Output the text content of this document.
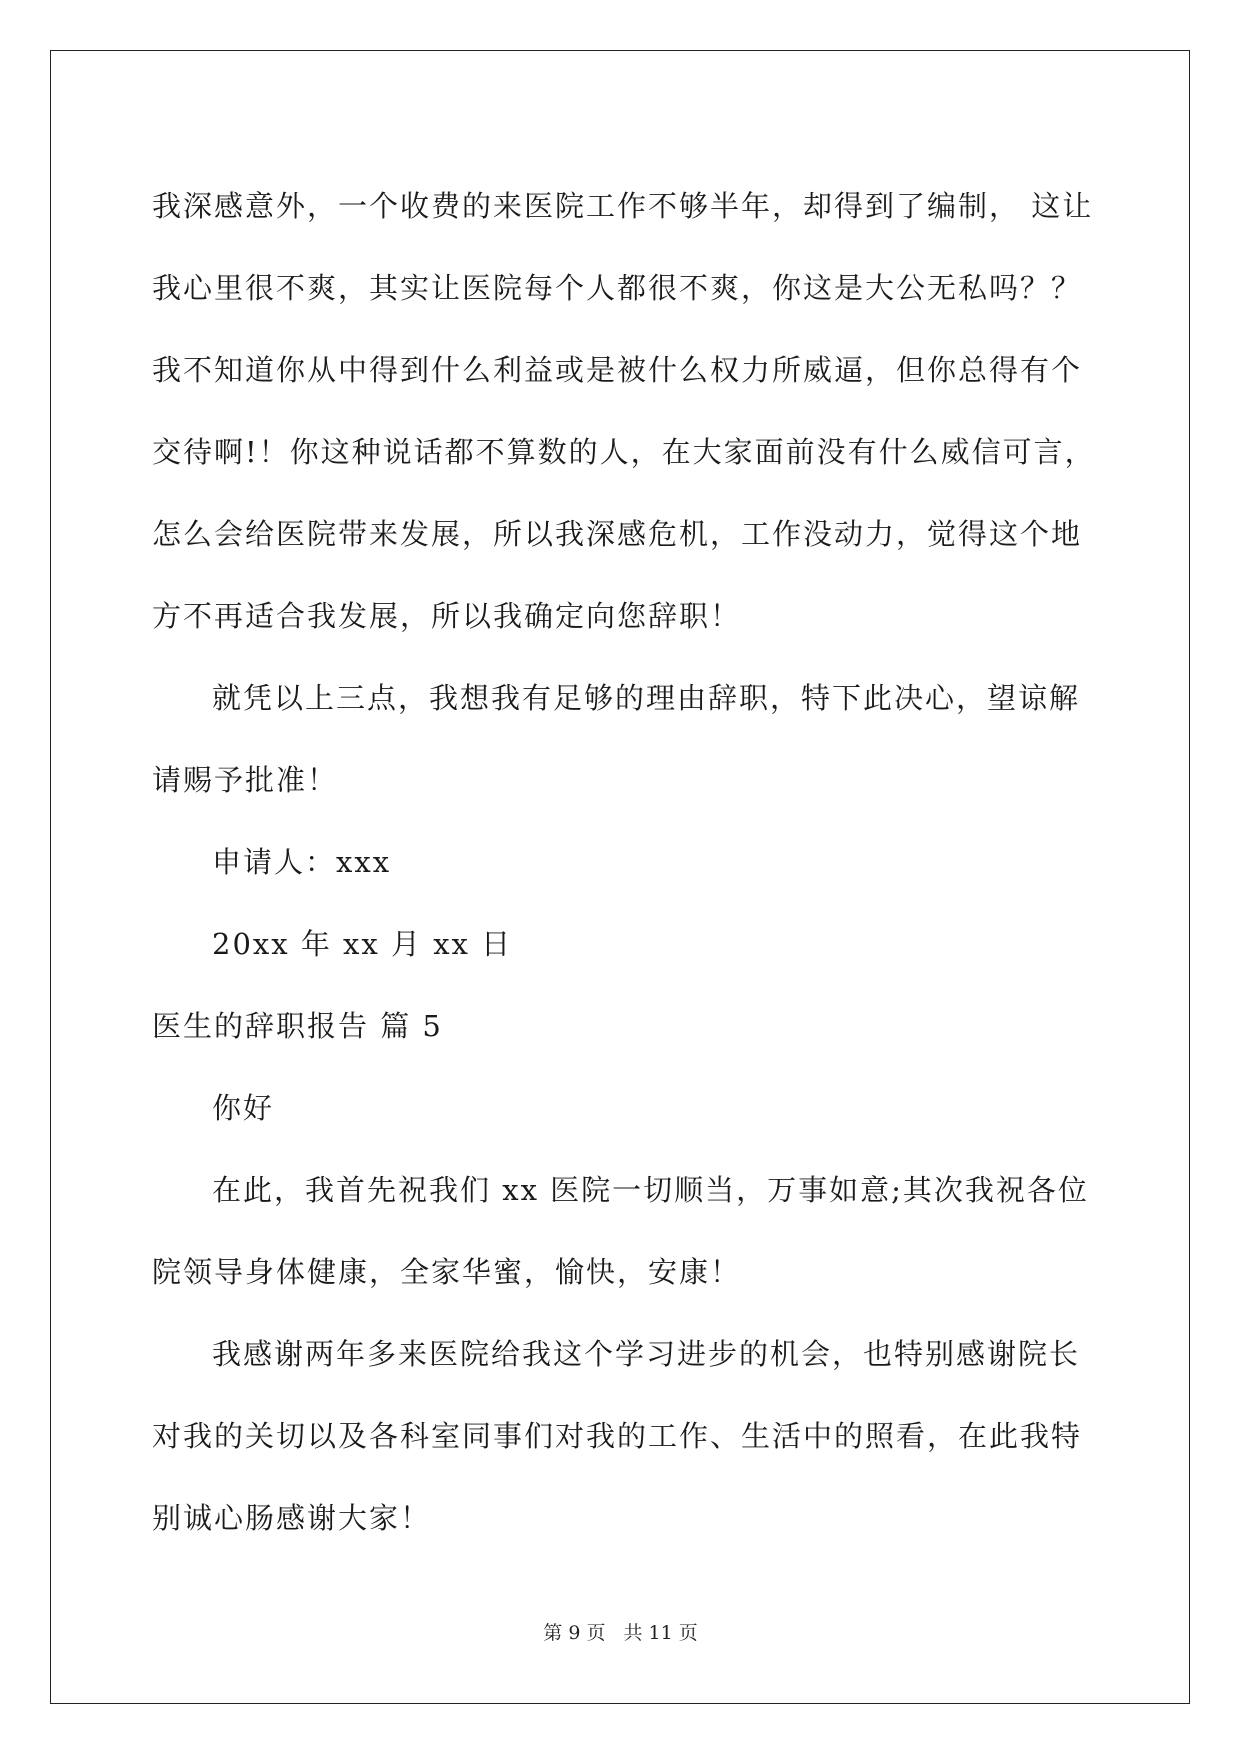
我深感意外，一个收费的来医院工作不够半年，却得到了编制， 这让
我心里很不爽，其实让医院每个人都很不爽，你这是大公无私吗？？
我不知道你从中得到什么利益或是被什么权力所威逼，但你总得有个
交待啊!！你这种说话都不算数的人，在大家面前没有什么威信可言，
怎么会给医院带来发展，所以我深感危机，工作没动力，觉得这个地
方不再适合我发展，所以我确定向您辞职！
就凭以上三点，我想我有足够的理由辞职，特下此决心，望谅解
请赐予批准！
申请人：xxx
20xx 年 xx 月 xx 日
医生的辞职报告 篇 5
你好
在此，我首先祝我们 xx 医院一切顺当，万事如意;其次我祝各位
院领导身体健康，全家华蜜，愉快，安康！
我感谢两年多来医院给我这个学习进步的机会，也特别感谢院长
对我的关切以及各科室同事们对我的工作、生活中的照看，在此我特
别诚心肠感谢大家！
第 9 页 共 11 页
